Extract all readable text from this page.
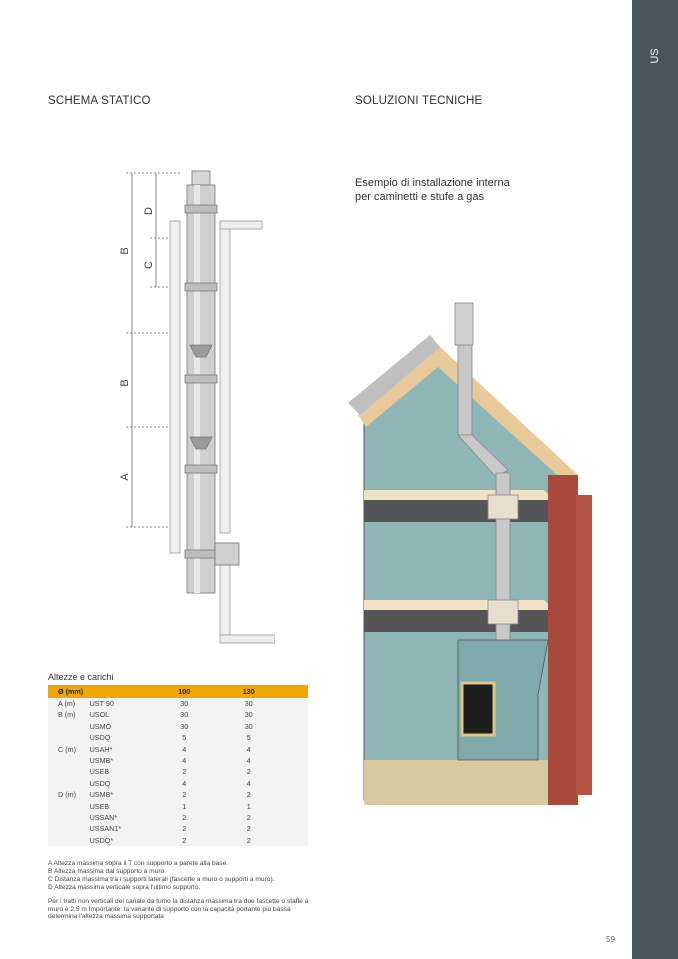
US
SCHEMA STATICO	SOLUZIONI TECNICHE
Esempio di installazione interna
per caminetti e stufe a gas
D
B
C
B
A
Altezze e carichi
Ø (mm)		100	130	
A (m)	UST 90	30	30	
B (m)	USOL	30	30	
	USMO	30	30	
	USDQ	5	5	
C (m)	USAH*	4	4	
	USMB*	4	4	
	USEB	2	2	
	USDQ	4	4	
D (m)	USMB*	2	2	
	USEB	1	1	
	USSAN*	2	2	
	USSAN1*	2	2	
	USDQ*	2	2	

A Altezza massima sopra il T con supporto a parete alla base.

B Altezza massima dal supporto a muro.

C Distanza massima tra i supporti laterali (fascette a muro o supporti a muro).

D Altezza massima verticale sopra l'ultimo supporto.

Per i tratti non verticali del canale da fumo la distanza massima tra due fascette o staffe a muro è 2,5 m Importante: la variante di supporto con la capacità portante più bassa determina l'altezza massima supportata
59
